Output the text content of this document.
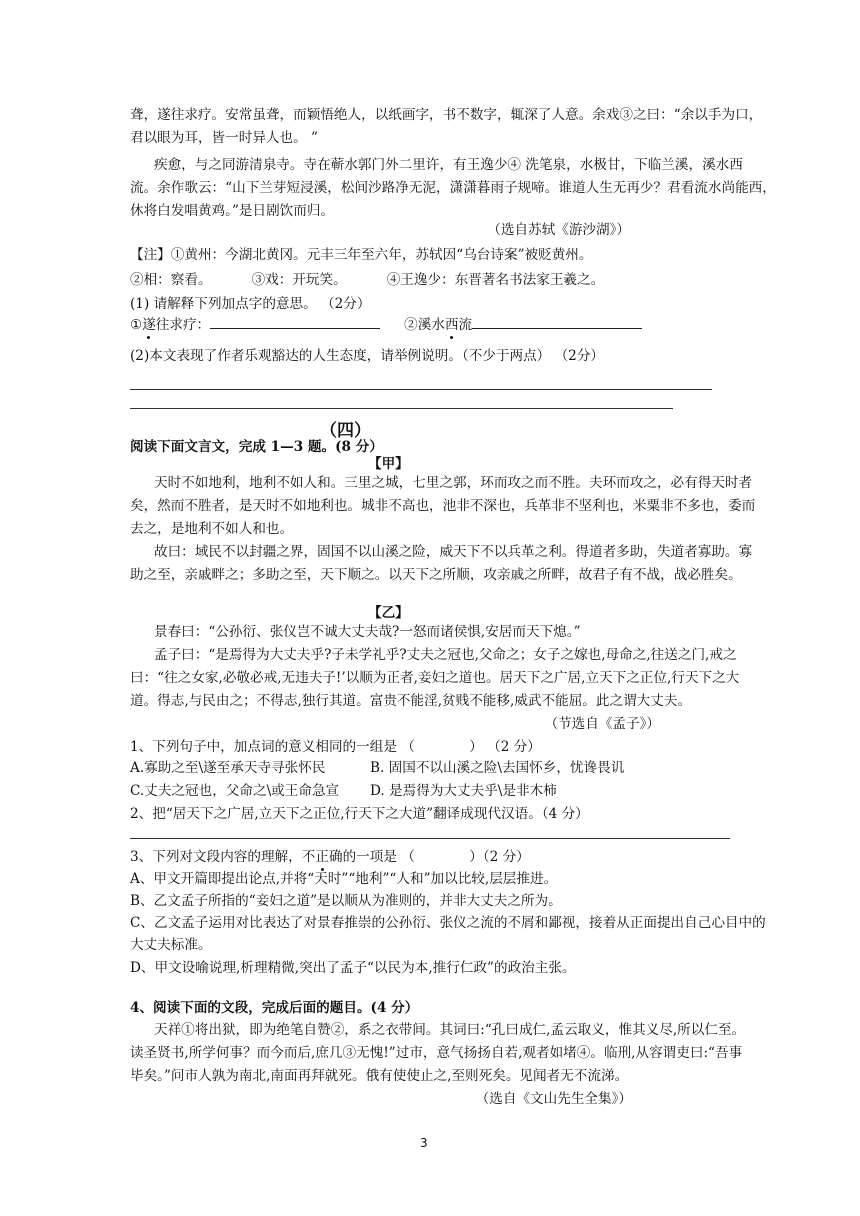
聋，遂往求疗。安常虽聋，而颖悟绝人，以纸画字，书不数字，辄深了人意。余戏③之曰：“余以手为口，
君以眼为耳，皆一时异人也。 ”
疾愈，与之同游清泉寺。寺在蕲水郭门外二里许，有王逸少④ 洗笔泉，水极甘，下临兰溪，溪水西
流。余作歌云：“山下兰芽短浸溪，松间沙路净无泥，潇潇暮雨子规啼。谁道人生无再少？君看流水尚能西，
休将白发唱黄鸡。”是日剧饮而归。
（选自苏轼《游沙湖》）
【注】①黄州：今湖北黄冈。元丰三年至六年，苏轼因“乌台诗案”被贬黄州。
②相：察看。	③戏：开玩笑。	④王逸少：东晋著名书法家王羲之。
(1) 请解释下列加点字的意思。 （2分）
①遂往求疗：	②溪水西流
(2)本文表现了作者乐观豁达的人生态度，请举例说明。（不少于两点） （2分）
（四）
阅读下面文言文，完成 1—3 题。(8 分）
【甲】
天时不如地利，地利不如人和。三里之城，七里之郭，环而攻之而不胜。夫环而攻之，必有得天时者
矣，然而不胜者，是天时不如地利也。城非不高也，池非不深也，兵革非不坚利也，米粟非不多也，委而
去之，是地利不如人和也。
故曰：域民不以封疆之界，固国不以山溪之险，威天下不以兵革之利。得道者多助，失道者寡助。寡
助之至，亲戚畔之；多助之至，天下顺之。以天下之所顺，攻亲戚之所畔，故君子有不战，战必胜矣。
【乙】
景春曰：“公孙衍、张仪岂不诚大丈夫哉?一怒而诸侯惧,安居而天下熄。”
孟子曰：“是焉得为大丈夫乎?子未学礼乎?丈夫之冠也,父命之；女子之嫁也,母命之,往送之门,戒之
曰：“往之女家,必敬必戒,无违夫子!’以顺为正者,妾妇之道也。居天下之广居,立天下之正位,行天下之大
道。得志,与民由之；不得志,独行其道。富贵不能淫,贫贱不能移,威武不能屈。此之谓大丈夫。
（节选自《孟子》）
1、下列句子中，加点词的意义相同的一组是 （　　　　） （2 分）
A.寡助之至\遂至承天寺寻张怀民	B. 固国不以山溪之险\去国怀乡，忧谗畏讥
C.丈夫之冠也，父命之\或王命急宣 D. 是焉得为大丈夫乎\是非木柿
2、把“居天下之广居,立天下之正位,行天下之大道”翻译成现代汉语。（4 分）
3、下列对文段内容的理解，不正确的一项是 （　　　　）（2 分）
A、甲文开篇即提出论点,并将“天时”“地利”“人和”加以比较,层层推进。
B、乙文孟子所指的“妾妇之道”是以顺从为准则的，并非大丈夫之所为。
C、乙文孟子运用对比表达了对景春推崇的公孙衍、张仪之流的不屑和鄙视，接着从正面提出自己心目中的
大丈夫标准。
D、甲文设喻说理,析理精微,突出了孟子“以民为本,推行仁政”的政治主张。
4、阅读下面的文段，完成后面的题目。(4 分）
天祥①将出狱，即为绝笔自赞②，系之衣带间。其词曰:“孔曰成仁,孟云取义，惟其义尽,所以仁至。
读圣贤书,所学何事？而今而后,庶几③无愧!”过市，意气扬扬自若,观者如堵④。临刑,从容谓吏曰:“吾事
毕矣。”问市人孰为南北,南面再拜就死。俄有使使止之,至则死矣。见闻者无不流涕。
（选自《文山先生全集》）
3
